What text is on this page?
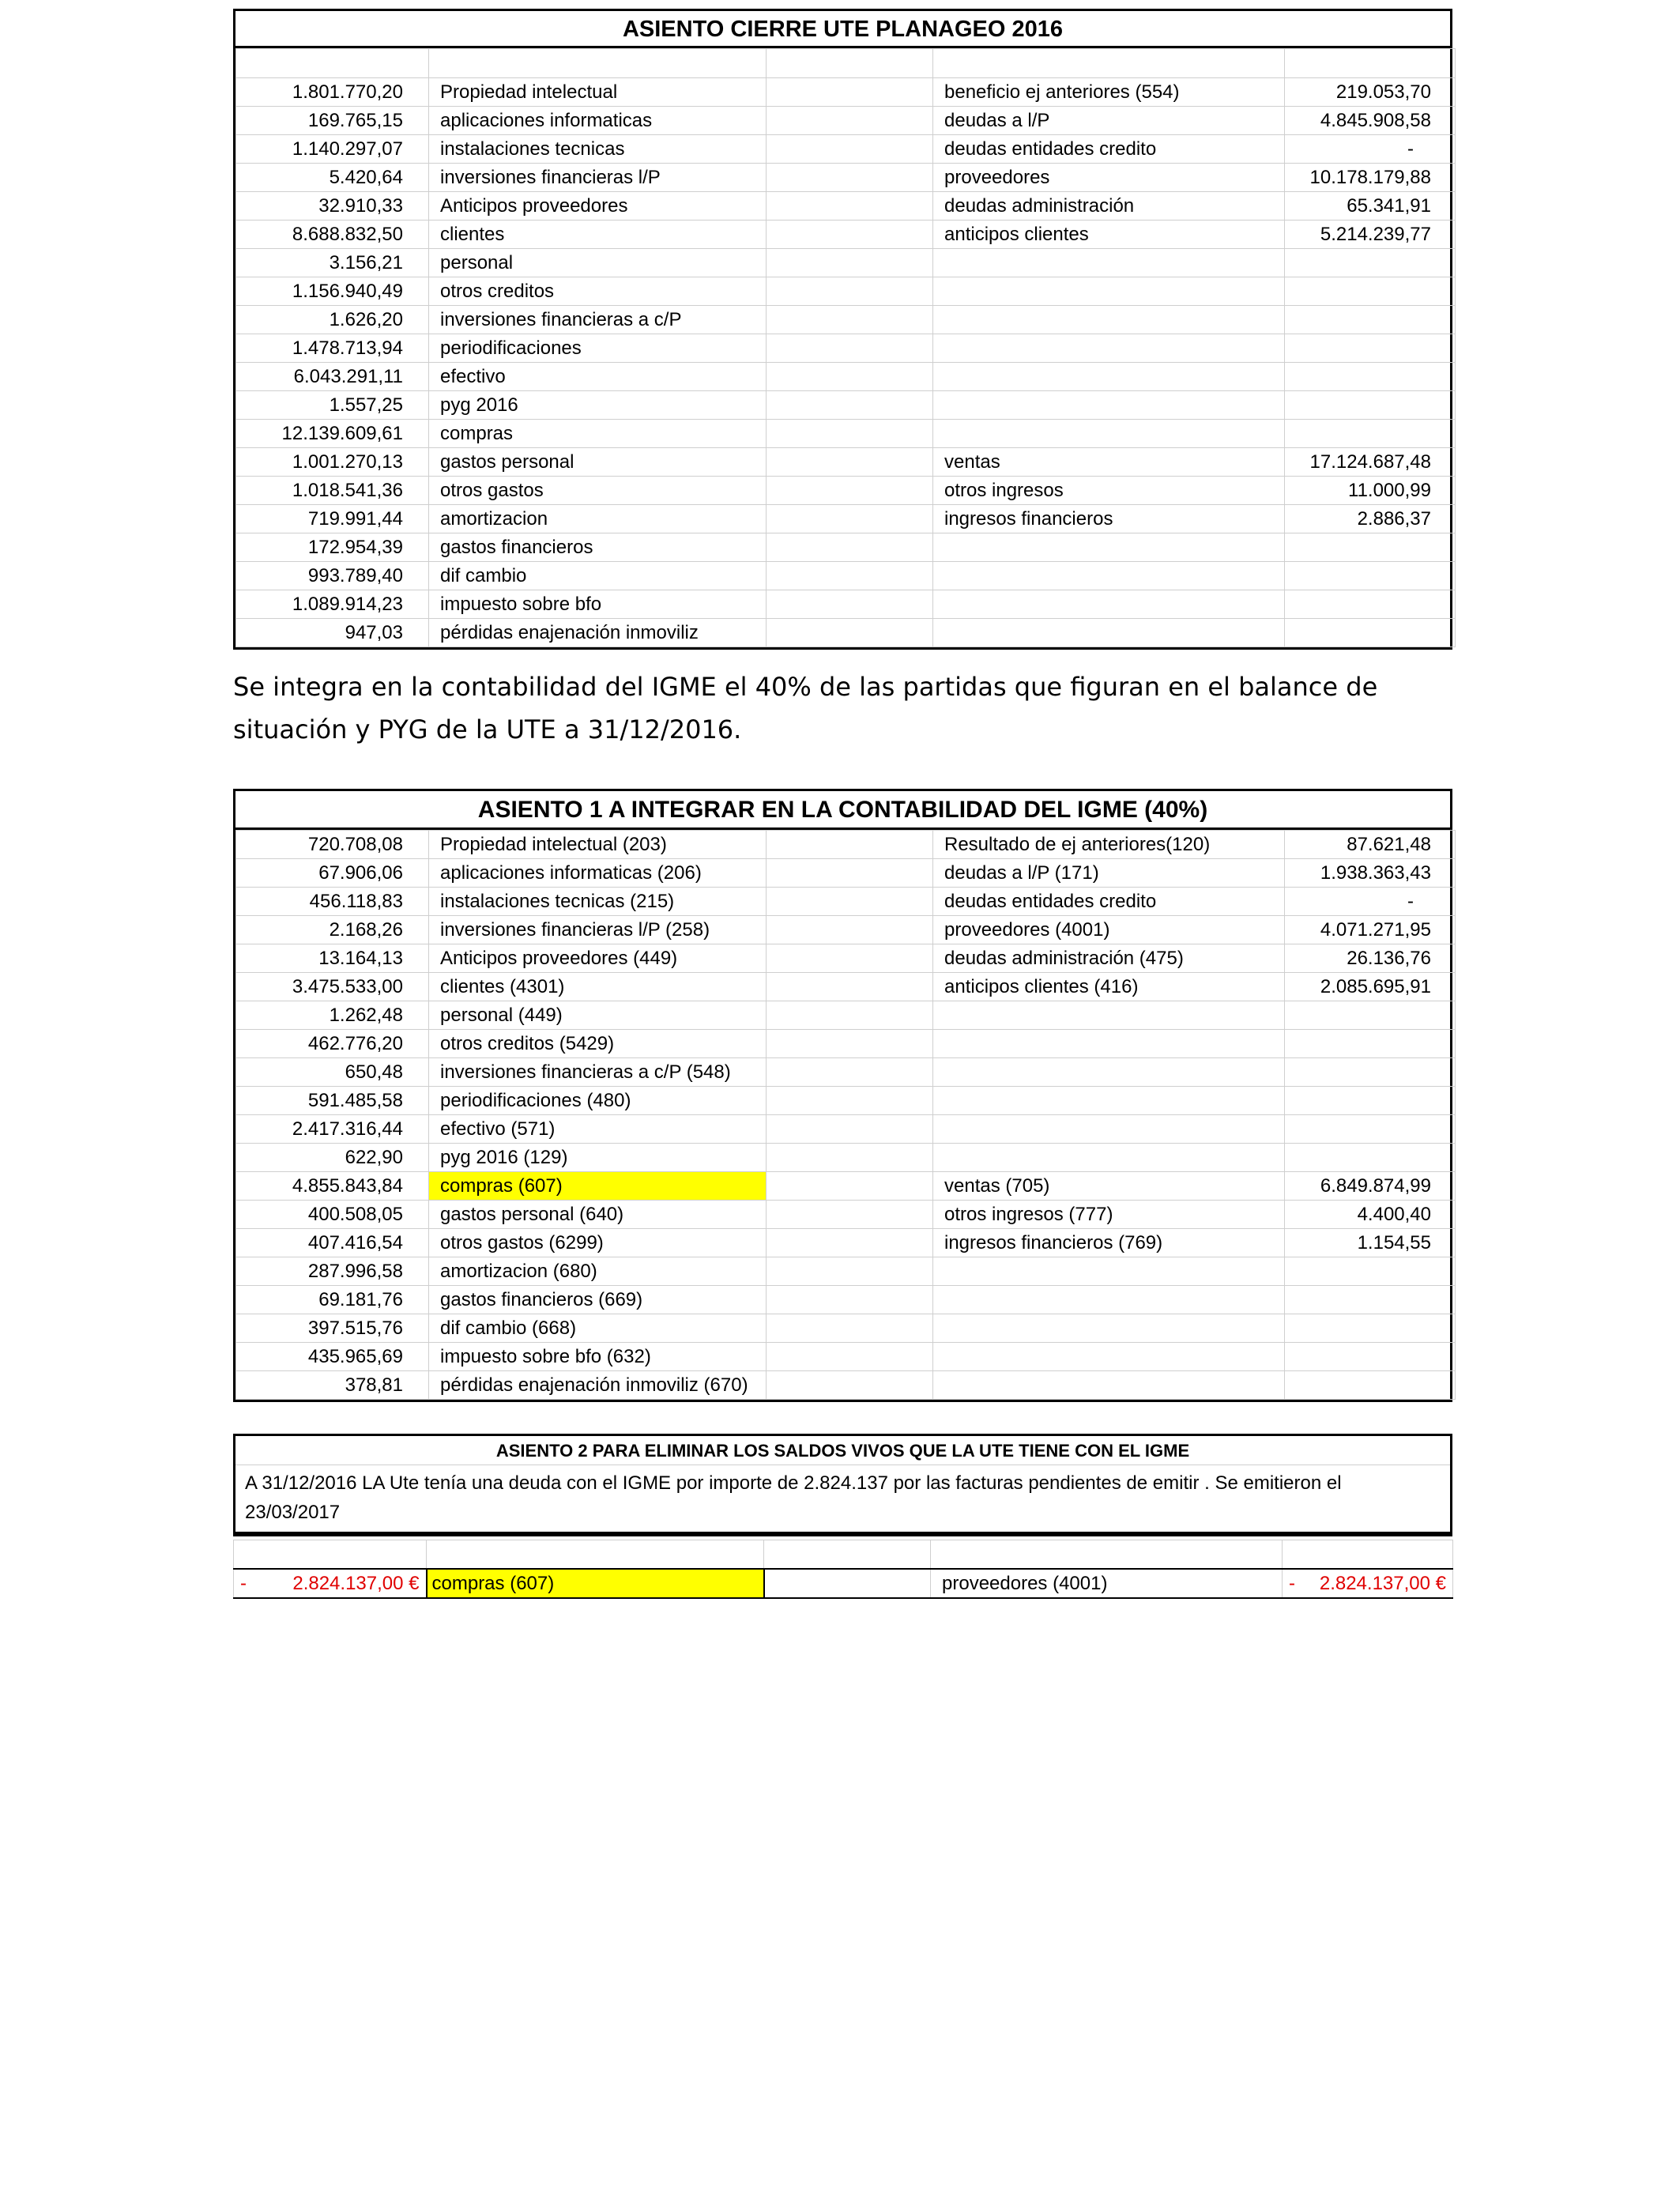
ASIENTO CIERRE UTE PLANAGEO 2016

1.801.770,20	Propiedad intelectual		beneficio ej anteriores (554)	219.053,70
169.765,15	aplicaciones informaticas		deudas a l/P	4.845.908,58
1.140.297,07	instalaciones tecnicas		deudas entidades credito	-
5.420,64	inversiones financieras l/P		proveedores	10.178.179,88
32.910,33	Anticipos proveedores		deudas administración	65.341,91
8.688.832,50	clientes		anticipos clientes	5.214.239,77
3.156,21	personal			
1.156.940,49	otros creditos			
1.626,20	inversiones financieras a c/P			
1.478.713,94	periodificaciones			
6.043.291,11	efectivo			
1.557,25	pyg 2016			
12.139.609,61	compras			
1.001.270,13	gastos personal		ventas	17.124.687,48
1.018.541,36	otros gastos		otros ingresos	11.000,99
719.991,44	amortizacion		ingresos financieros	2.886,37
172.954,39	gastos financieros			
993.789,40	dif cambio			
1.089.914,23	impuesto sobre bfo			
947,03	pérdidas enajenación inmoviliz			
Se integra en la contabilidad del IGME el 40% de las partidas que figuran en el balance de situación y PYG de la UTE a 31/12/2016.
ASIENTO 1 A INTEGRAR EN LA CONTABILIDAD DEL IGME (40%)
720.708,08	Propiedad intelectual (203)		Resultado de ej anteriores(120)	87.621,48
67.906,06	aplicaciones informaticas (206)		deudas a l/P (171)	1.938.363,43
456.118,83	instalaciones tecnicas (215)		deudas entidades credito	-
2.168,26	inversiones financieras l/P (258)		proveedores (4001)	4.071.271,95
13.164,13	Anticipos proveedores (449)		deudas administración (475)	26.136,76
3.475.533,00	clientes (4301)		anticipos clientes (416)	2.085.695,91
1.262,48	personal (449)			
462.776,20	otros creditos (5429)			
650,48	inversiones financieras a c/P (548)			
591.485,58	periodificaciones (480)			
2.417.316,44	efectivo (571)			
622,90	pyg 2016 (129)			
4.855.843,84	compras (607)		ventas (705)	6.849.874,99
400.508,05	gastos personal (640)		otros ingresos (777)	4.400,40
407.416,54	otros gastos (6299)		ingresos financieros (769)	1.154,55
287.996,58	amortizacion (680)			
69.181,76	gastos financieros (669)			
397.515,76	dif cambio (668)			
435.965,69	impuesto sobre bfo (632)			
378,81	pérdidas enajenación inmoviliz (670)			
ASIENTO 2 PARA ELIMINAR LOS SALDOS VIVOS QUE LA UTE TIENE CON EL IGME
A 31/12/2016 LA Ute tenía una deuda con el IGME por importe de 2.824.137 por las facturas pendientes de emitir . Se emitieron el 23/03/2017

- 2.824.137,00 €	compras (607)		proveedores (4001)	- 2.824.137,00 €
